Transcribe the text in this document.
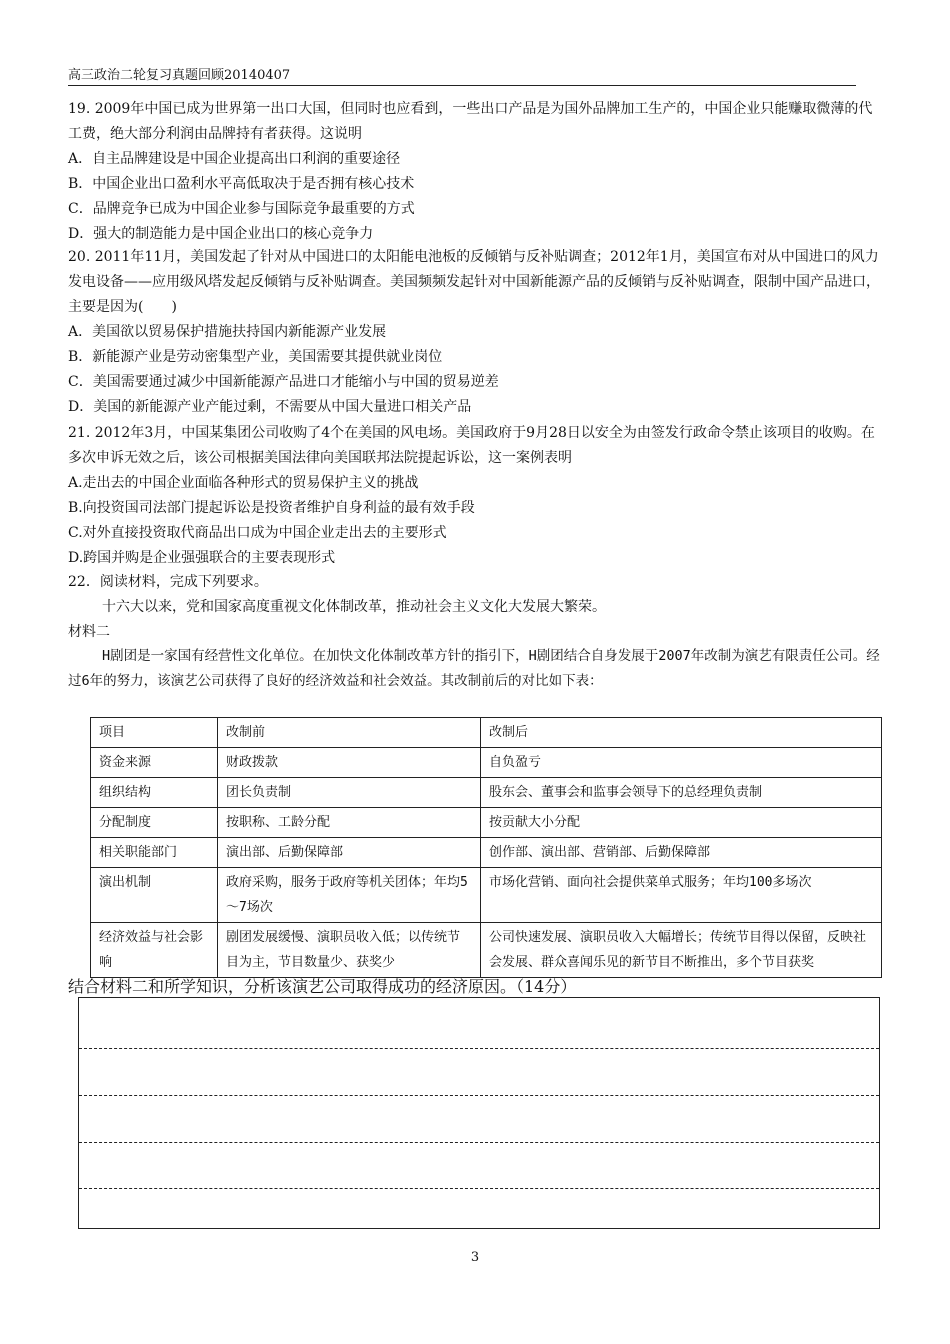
高三政治二轮复习真题回顾20140407

19. 2009年中国已成为世界第一出口大国，但同时也应看到，一些出口产品是为国外品牌加工生产的，中国企业只能赚取微薄的代工费，绝大部分利润由品牌持有者获得。这说明

A．自主品牌建设是中国企业提高出口利润的重要途径

B．中国企业出口盈利水平高低取决于是否拥有核心技术

C．品牌竞争已成为中国企业参与国际竞争最重要的方式

D．强大的制造能力是中国企业出口的核心竞争力

20. 2011年11月，美国发起了针对从中国进口的太阳能电池板的反倾销与反补贴调查；2012年1月，美国宣布对从中国进口的风力发电设备——应用级风塔发起反倾销与反补贴调查。美国频频发起针对中国新能源产品的反倾销与反补贴调查，限制中国产品进口，主要是因为(　　)

A．美国欲以贸易保护措施扶持国内新能源产业发展

B．新能源产业是劳动密集型产业，美国需要其提供就业岗位

C．美国需要通过减少中国新能源产品进口才能缩小与中国的贸易逆差

D．美国的新能源产业产能过剩，不需要从中国大量进口相关产品

21. 2012年3月，中国某集团公司收购了4个在美国的风电场。美国政府于9月28日以安全为由签发行政命令禁止该项目的收购。在多次申诉无效之后，该公司根据美国法律向美国联邦法院提起诉讼，这一案例表明

A.走出去的中国企业面临各种形式的贸易保护主义的挑战

B.向投资国司法部门提起诉讼是投资者维护自身利益的最有效手段

C.对外直接投资取代商品出口成为中国企业走出去的主要形式

D.跨国并购是企业强强联合的主要表现形式

22．阅读材料，完成下列要求。

十六大以来，党和国家高度重视文化体制改革，推动社会主义文化大发展大繁荣。

材料二

H剧团是一家国有经营性文化单位。在加快文化体制改革方针的指引下，H剧团结合自身发展于2007年改制为演艺有限责任公司。经过6年的努力，该演艺公司获得了良好的经济效益和社会效益。其改制前后的对比如下表：
项目	改制前	改制后
资金来源	财政拨款	自负盈亏
组织结构	团长负责制	股东会、董事会和监事会领导下的总经理负责制
分配制度	按职称、工龄分配	按贡献大小分配
相关职能部门	演出部、后勤保障部	创作部、演出部、营销部、后勤保障部
演出机制	政府采购，服务于政府等机关团体；年均5～7场次	市场化营销、面向社会提供菜单式服务；年均100多场次
经济效益与社会影响	剧团发展缓慢、演职员收入低；以传统节目为主，节目数量少、获奖少	公司快速发展、演职员收入大幅增长；传统节目得以保留，反映社会发展、群众喜闻乐见的新节目不断推出，多个节目获奖
结合材料二和所学知识，分析该演艺公司取得成功的经济原因。（14分）
3
